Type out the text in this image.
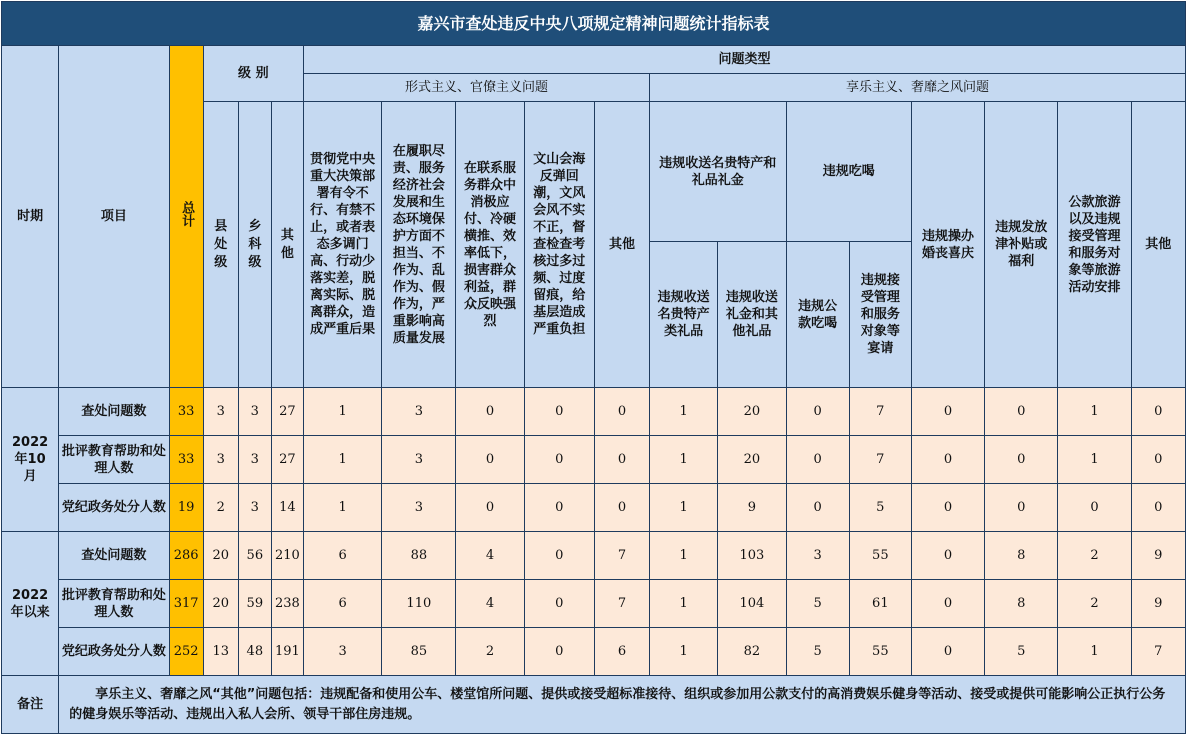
嘉兴市查处违反中央八项规定精神问题统计指标表																		
时期	项目	总计	级 别			问题类型												
						形式主义、官僚主义问题					享乐主义、奢靡之风问题							
			县处级	乡科级	其他	贯彻党中央重大决策部署有令不行、有禁不止，或者表态多调门高、行动少落实差，脱离实际、脱离群众，造成严重后果	在履职尽责、服务经济社会发展和生态环境保护方面不担当、不作为、乱作为、假作为，严重影响高质量发展	在联系服务群众中消极应付、冷硬横推、效率低下，损害群众利益，群众反映强烈	文山会海反弹回潮，文风会风不实不正，督查检查考核过多过频、过度留痕，给基层造成严重负担	其他	违规收送名贵特产和礼品礼金		违规吃喝		违规操办婚丧喜庆	违规发放津补贴或福利	公款旅游以及违规接受管理和服务对象等旅游活动安排	其他
											违规收送名贵特产类礼品	违规收送礼金和其他礼品	违规公款吃喝	违规接受管理和服务对象等宴请				
2022年10月	查处问题数	33	3	3	27	1	3	0	0	0	1	20	0	7	0	0	1	0
	批评教育帮助和处理人数	33	3	3	27	1	3	0	0	0	1	20	0	7	0	0	1	0
	党纪政务处分人数	19	2	3	14	1	3	0	0	0	1	9	0	5	0	0	0	0
2022年以来	查处问题数	286	20	56	210	6	88	4	0	7	1	103	3	55	0	8	2	9
	批评教育帮助和处理人数	317	20	59	238	6	110	4	0	7	1	104	5	61	0	8	2	9
	党纪政务处分人数	252	13	48	191	3	85	2	0	6	1	82	5	55	0	5	1	7
备注	享乐主义、奢靡之风“其他”问题包括：违规配备和使用公车、楼堂馆所问题、提供或接受超标准接待、组织或参加用公款支付的高消费娱乐健身等活动、接受或提供可能影响公正执行公务的健身娱乐等活动、违规出入私人会所、领导干部住房违规。																	
